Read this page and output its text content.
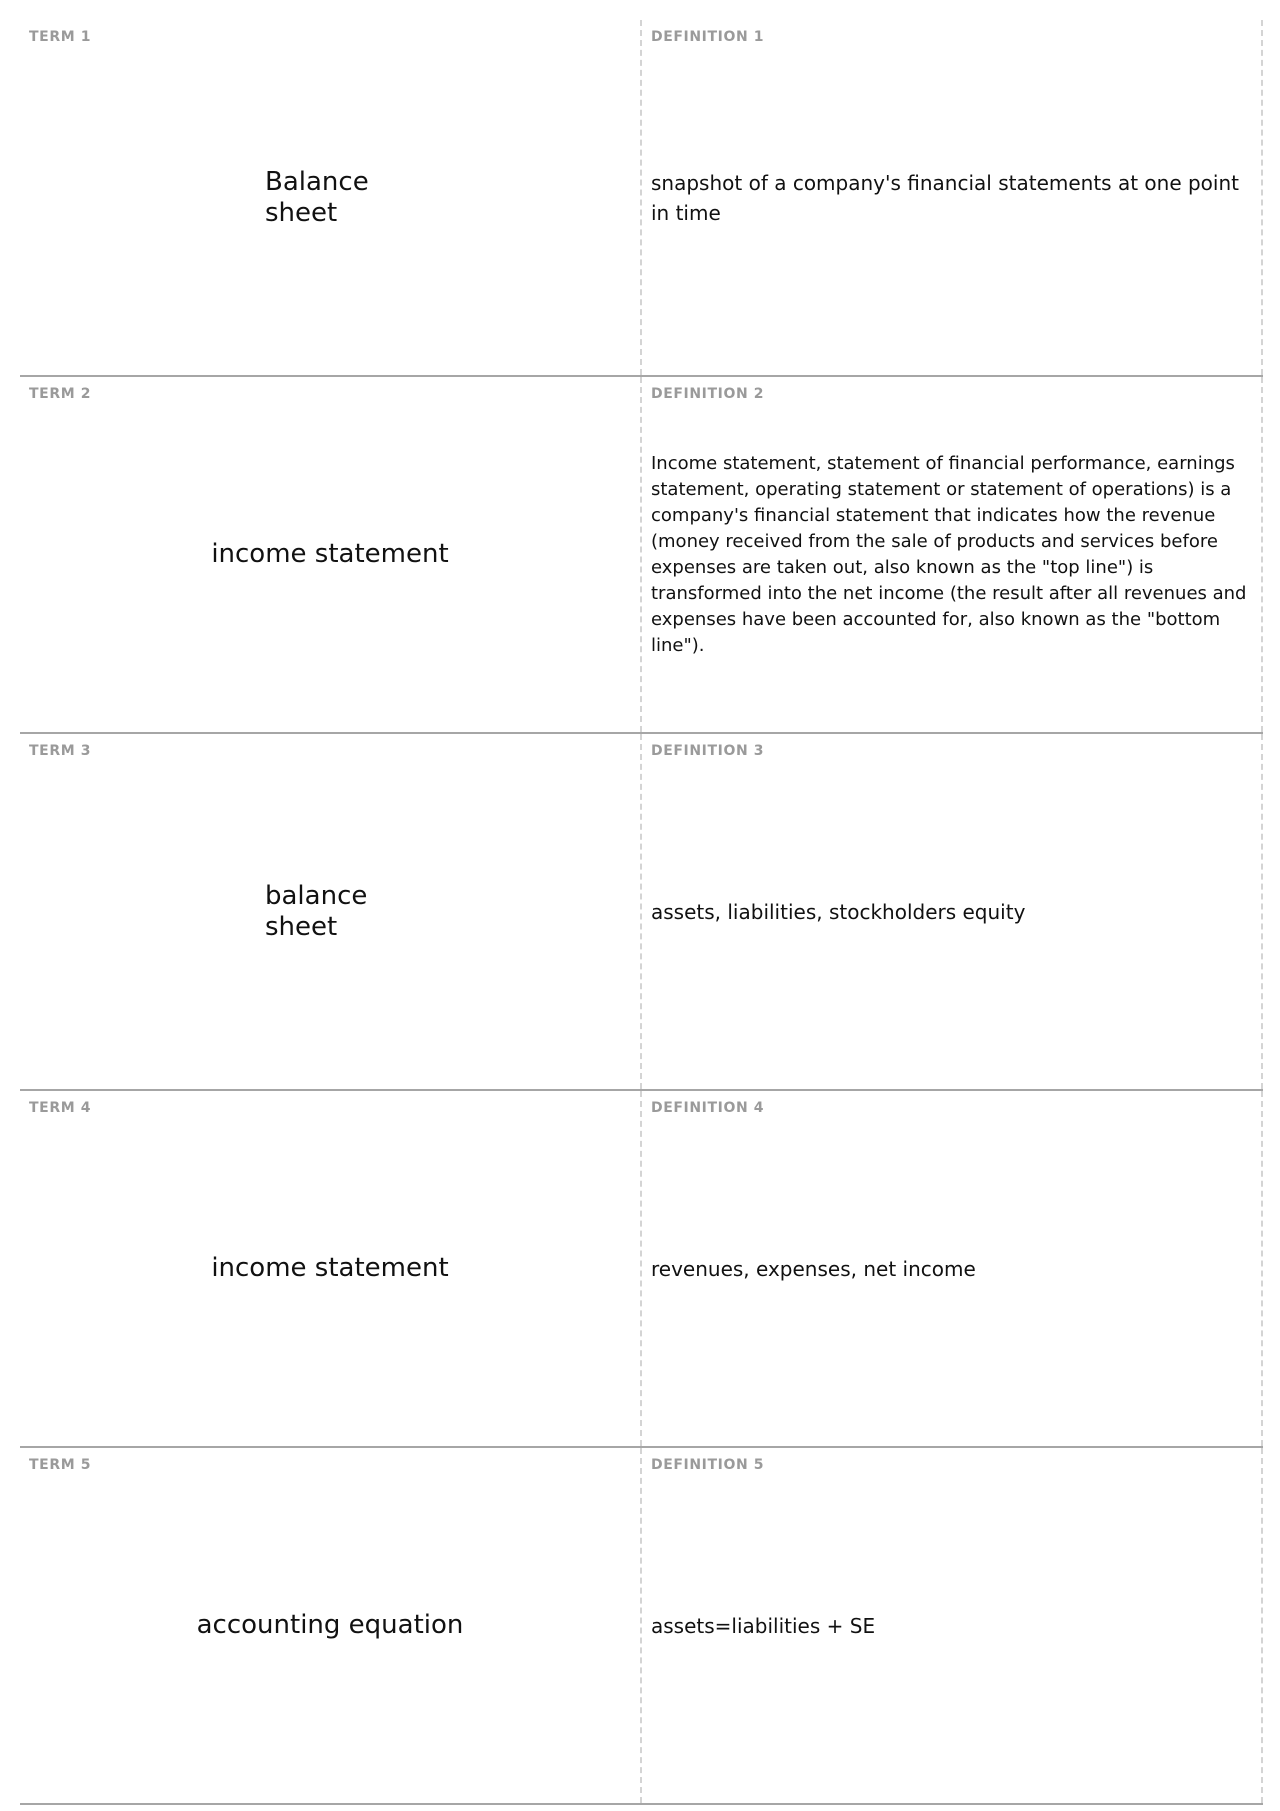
TERM 1
Balance sheet
DEFINITION 1
snapshot of a company's financial statements at one point in time
TERM 2
income statement
DEFINITION 2
Income statement, statement of financial performance, earnings statement, operating statement or statement of operations) is a company's financial statement that indicates how the revenue (money received from the sale of products and services before expenses are taken out, also known as the "top line") is transformed into the net income (the result after all revenues and expenses have been accounted for, also known as the "bottom line").
TERM 3
balance sheet
DEFINITION 3
assets, liabilities, stockholders equity
TERM 4
income statement
DEFINITION 4
revenues, expenses, net income
TERM 5
accounting equation
DEFINITION 5
assets=liabilities + SE
